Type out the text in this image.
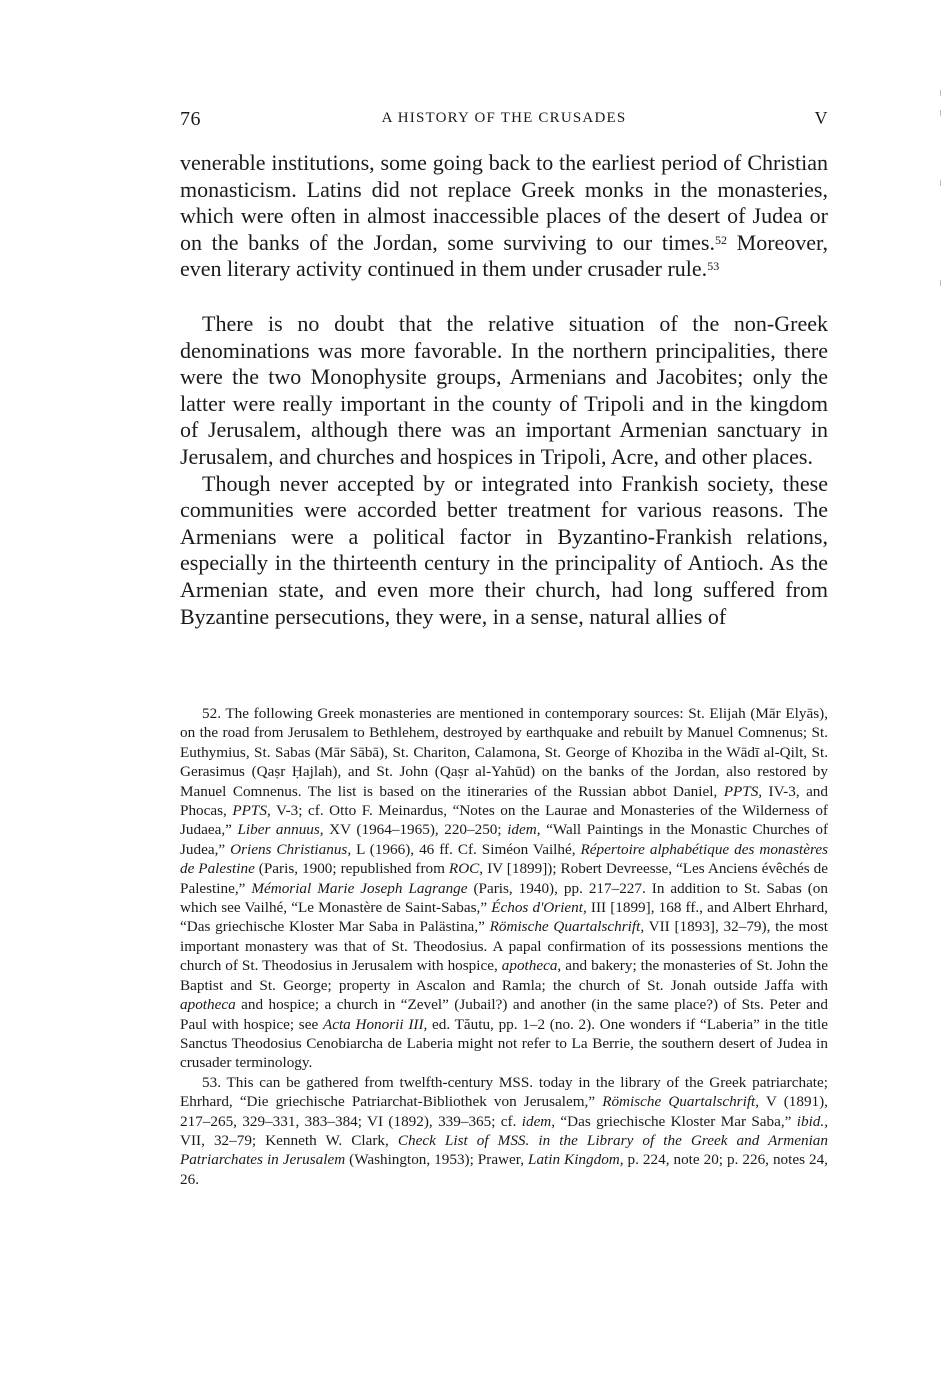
76	A HISTORY OF THE CRUSADES	V

venerable institutions, some going back to the earliest period of Christian monasticism. Latins did not replace Greek monks in the monasteries, which were often in almost inaccessible places of the desert of Judea or on the banks of the Jordan, some surviving to our times.$^{52}$ Moreover, even literary activity continued in them under crusader rule.$^{53}$

There is no doubt that the relative situation of the non-Greek denominations was more favorable. In the northern principalities, there were the two Monophysite groups, Armenians and Jacobites; only the latter were really important in the county of Tripoli and in the kingdom of Jerusalem, although there was an important Armenian sanctuary in Jerusalem, and churches and hospices in Tripoli, Acre, and other places.

Though never accepted by or integrated into Frankish society, these communities were accorded better treatment for various reasons. The Armenians were a political factor in Byzantino-Frankish relations, especially in the thirteenth century in the principality of Antioch. As the Armenian state, and even more their church, had long suffered from Byzantine persecutions, they were, in a sense, natural allies of

52. The following Greek monasteries are mentioned in contemporary sources: St. Elijah (Mār Elyās), on the road from Jerusalem to Bethlehem, destroyed by earthquake and rebuilt by Manuel Comnenus; St. Euthymius, St. Sabas (Mār Sābā), St. Chariton, Calamona, St. George of Khoziba in the Wādī al-Qilt, St. Gerasimus (Qaṣr Ḥajlah), and St. John (Qaṣr al-Yahūd) on the banks of the Jordan, also restored by Manuel Comnenus. The list is based on the itineraries of the Russian abbot Daniel, PPTS, IV-3, and Phocas, PPTS, V-3; cf. Otto F. Meinardus, “Notes on the Laurae and Monasteries of the Wilderness of Judaea,” Liber annuus, XV (1964–1965), 220–250; idem, “Wall Paintings in the Monastic Churches of Judea,” Oriens Christianus, L (1966), 46 ff. Cf. Siméon Vailhé, Répertoire alphabétique des monastères de Palestine (Paris, 1900; republished from ROC, IV [1899]); Robert Devreesse, “Les Anciens évêchés de Palestine,” Mémorial Marie Joseph Lagrange (Paris, 1940), pp. 217–227. In addition to St. Sabas (on which see Vailhé, “Le Monastère de Saint-Sabas,” Échos d'Orient, III [1899], 168 ff., and Albert Ehrhard, “Das griechische Kloster Mar Saba in Palästina,” Römische Quartalschrift, VII [1893], 32–79), the most important monastery was that of St. Theodosius. A papal confirmation of its possessions mentions the church of St. Theodosius in Jerusalem with hospice, apotheca, and bakery; the monasteries of St. John the Baptist and St. George; property in Ascalon and Ramla; the church of St. Jonah outside Jaffa with apotheca and hospice; a church in “Zevel” (Jubail?) and another (in the same place?) of Sts. Peter and Paul with hospice; see Acta Honorii III, ed. Tăutu, pp. 1–2 (no. 2). One wonders if “Laberia” in the title Sanctus Theodosius Cenobiarcha de Laberia might not refer to La Berrie, the southern desert of Judea in crusader terminology.

53. This can be gathered from twelfth-century MSS. today in the library of the Greek patriarchate; Ehrhard, “Die griechische Patriarchat-Bibliothek von Jerusalem,” Römische Quartalschrift, V (1891), 217–265, 329–331, 383–384; VI (1892), 339–365; cf. idem, “Das griechische Kloster Mar Saba,” ibid., VII, 32–79; Kenneth W. Clark, Check List of MSS. in the Library of the Greek and Armenian Patriarchates in Jerusalem (Washington, 1953); Prawer, Latin Kingdom, p. 224, note 20; p. 226, notes 24, 26.
